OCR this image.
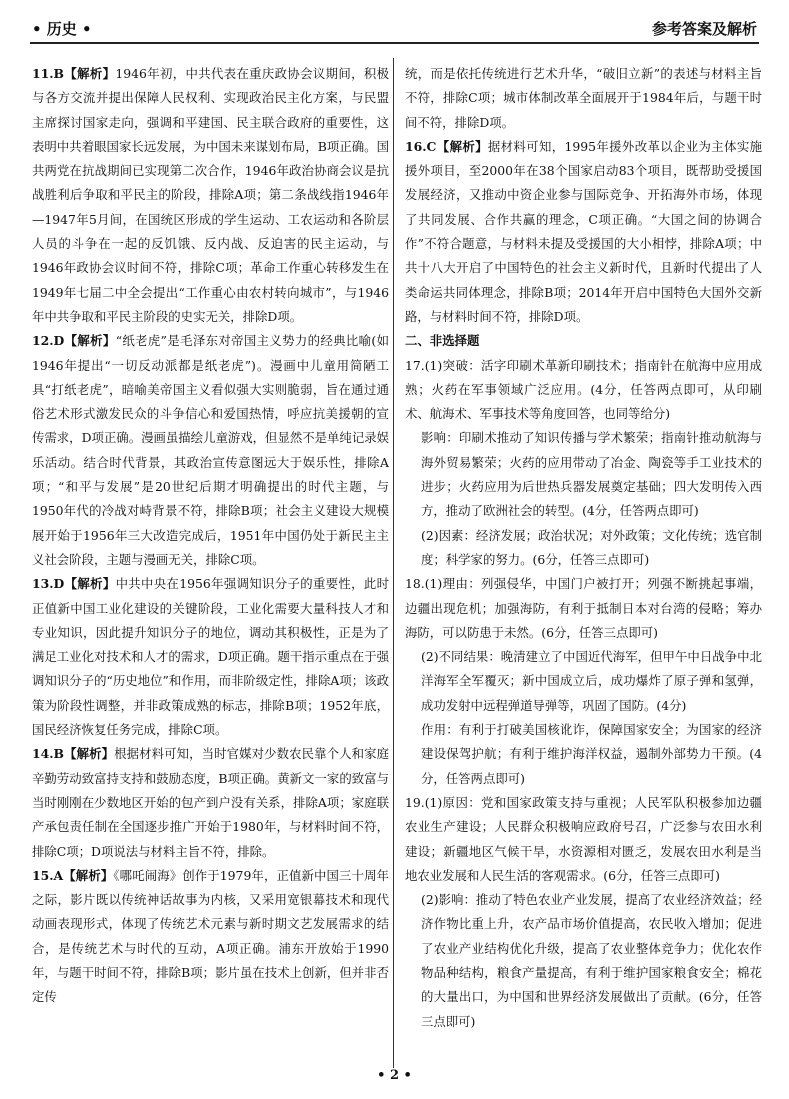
• 历史 •	参考答案及解析

11.B【解析】1946年初，中共代表在重庆政协会议期间，积极与各方交流并提出保障人民权利、实现政治民主化方案，与民盟主席探讨国家走向，强调和平建国、民主联合政府的重要性，这表明中共着眼国家长远发展，为中国未来谋划布局，B项正确。国共两党在抗战期间已实现第二次合作，1946年政治协商会议是抗战胜利后争取和平民主的阶段，排除A项；第二条战线指1946年—1947年5月间，在国统区形成的学生运动、工农运动和各阶层人员的斗争在一起的反饥饿、反内战、反迫害的民主运动，与1946年政协会议时间不符，排除C项；革命工作重心转移发生在1949年七届二中全会提出“工作重心由农村转向城市”，与1946年中共争取和平民主阶段的史实无关，排除D项。

12.D【解析】“纸老虎”是毛泽东对帝国主义势力的经典比喻(如1946年提出“一切反动派都是纸老虎”)。漫画中儿童用简陋工具“打纸老虎”，暗喻美帝国主义看似强大实则脆弱，旨在通过通俗艺术形式激发民众的斗争信心和爱国热情，呼应抗美援朝的宣传需求，D项正确。漫画虽描绘儿童游戏，但显然不是单纯记录娱乐活动。结合时代背景，其政治宣传意图远大于娱乐性，排除A项；“和平与发展”是20世纪后期才明确提出的时代主题，与1950年代的冷战对峙背景不符，排除B项；社会主义建设大规模展开始于1956年三大改造完成后，1951年中国仍处于新民主主义社会阶段，主题与漫画无关，排除C项。

13.D【解析】中共中央在1956年强调知识分子的重要性，此时正值新中国工业化建设的关键阶段，工业化需要大量科技人才和专业知识，因此提升知识分子的地位，调动其积极性，正是为了满足工业化对技术和人才的需求，D项正确。题干指示重点在于强调知识分子的“历史地位”和作用，而非阶级定性，排除A项；该政策为阶段性调整，并非政策成熟的标志，排除B项；1952年底，国民经济恢复任务完成，排除C项。

14.B【解析】根据材料可知，当时官媒对少数农民靠个人和家庭辛勤劳动致富持支持和鼓励态度，B项正确。黄新文一家的致富与当时刚刚在少数地区开始的包产到户没有关系，排除A项；家庭联产承包责任制在全国逐步推广开始于1980年，与材料时间不符，排除C项；D项说法与材料主旨不符，排除。

15.A【解析】《哪吒闹海》创作于1979年，正值新中国三十周年之际，影片既以传统神话故事为内核，又采用宽银幕技术和现代动画表现形式，体现了传统艺术元素与新时期文艺发展需求的结合，是传统艺术与时代的互动，A项正确。浦东开放始于1990年，与题干时间不符，排除B项；影片虽在技术上创新，但并非否定传

统，而是依托传统进行艺术升华，“破旧立新”的表述与材料主旨不符，排除C项；城市体制改革全面展开于1984年后，与题干时间不符，排除D项。

16.C【解析】据材料可知，1995年援外改革以企业为主体实施援外项目，至2000年在38个国家启动83个项目，既帮助受援国发展经济，又推动中资企业参与国际竞争、开拓海外市场，体现了共同发展、合作共赢的理念，C项正确。“大国之间的协调合作”不符合题意，与材料未提及受援国的大小相悖，排除A项；中共十八大开启了中国特色的社会主义新时代，且新时代提出了人类命运共同体理念，排除B项；2014年开启中国特色大国外交新路，与材料时间不符，排除D项。

二、非选择题

17.(1)突破：活字印刷术革新印刷技术；指南针在航海中应用成熟；火药在军事领域广泛应用。(4分，任答两点即可，从印刷术、航海术、军事技术等角度回答，也同等给分)

影响：印刷术推动了知识传播与学术繁荣；指南针推动航海与海外贸易繁荣；火药的应用带动了冶金、陶瓷等手工业技术的进步；火药应用为后世热兵器发展奠定基础；四大发明传入西方，推动了欧洲社会的转型。(4分，任答两点即可)

(2)因素：经济发展；政治状况；对外政策；文化传统；选官制度；科学家的努力。(6分，任答三点即可)

18.(1)理由：列强侵华，中国门户被打开；列强不断挑起事端，边疆出现危机；加强海防，有利于抵制日本对台湾的侵略；筹办海防，可以防患于未然。(6分，任答三点即可)

(2)不同结果：晚清建立了中国近代海军，但甲午中日战争中北洋海军全军覆灭；新中国成立后，成功爆炸了原子弹和氢弹，成功发射中远程弹道导弹等，巩固了国防。(4分)

作用：有利于打破美国核讹诈，保障国家安全；为国家的经济建设保驾护航；有利于维护海洋权益，遏制外部势力干预。(4分，任答两点即可)

19.(1)原因：党和国家政策支持与重视；人民军队积极参加边疆农业生产建设；人民群众积极响应政府号召，广泛参与农田水利建设；新疆地区气候干旱，水资源相对匮乏，发展农田水利是当地农业发展和人民生活的客观需求。(6分，任答三点即可)

(2)影响：推动了特色农业产业发展，提高了农业经济效益；经济作物比重上升，农产品市场价值提高，农民收入增加；促进了农业产业结构优化升级，提高了农业整体竞争力；优化农作物品种结构，粮食产量提高，有利于维护国家粮食安全；棉花的大量出口，为中国和世界经济发展做出了贡献。(6分，任答三点即可)

• 2 •
